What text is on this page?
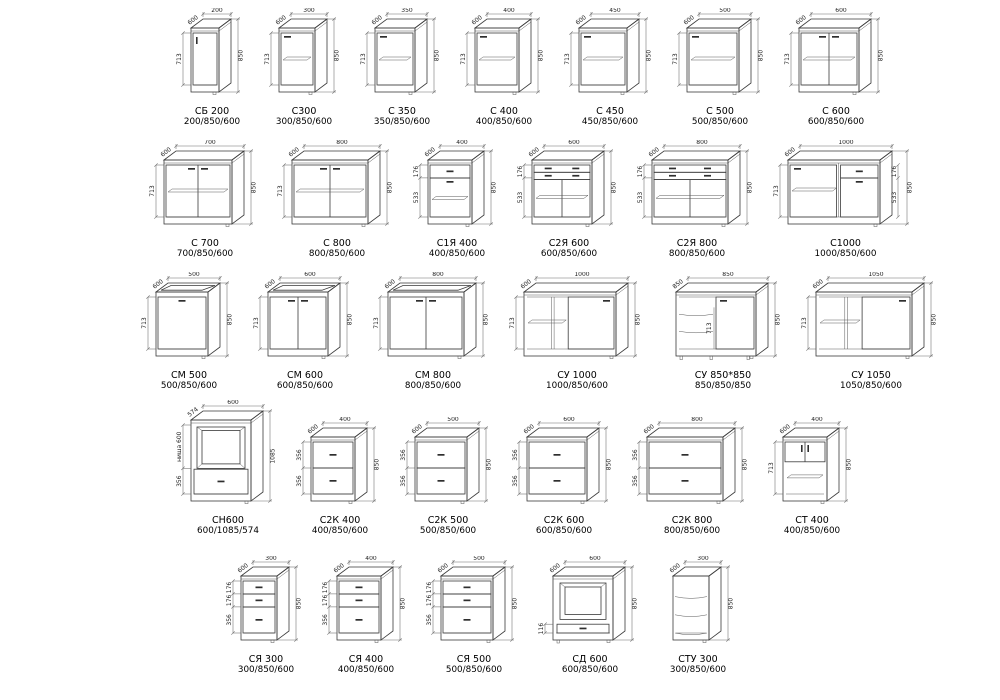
200
600
713	850
СБ 200
200/850/600
300
600
713	850
С300
300/850/600
350
600
713	850
С 350
350/850/600
400
600
713	850
С 400
400/850/600
450
600
713	850
С 450
450/850/600
500
600
713	850
С 500
500/850/600
600
600
713	850
С 600
600/850/600
700
600
713	850
С 700
700/850/600
800
600
713	850
С 800
800/850/600
400
600
176
533
850
С1Я 400
400/850/600
600
600
176
533
850
С2Я 600
600/850/600
800
600
176
533
850
С2Я 800
800/850/600
1000
600
713
176
533
850
С1000
1000/850/600
500
600
713	850
СМ 500
500/850/600
600
600
713	850
СМ 600
600/850/600
800
600
713	850
СМ 800
800/850/600
1000
600
713	850
СУ 1000
1000/850/600
713
850
850
850
СУ 850*850
850/850/850
1050
600
713	850
СУ 1050
1050/850/600
600
574
ниша 600
356
1085
СН600
600/1085/574
400
600
356
356
850
С2К 400
400/850/600
500
600
356
356
850
С2К 500
500/850/600
600
600
356
356
850
С2К 600
600/850/600
800
600
356
356
850
С2К 800
800/850/600
400
600
713	850
СТ 400
400/850/600
300
600
176
176
356
850
СЯ 300
300/850/600
400
600
176
176
356
850
СЯ 400
400/850/600
500
600
176
176
356
850
СЯ 500
500/850/600
600
600
116
850
СД 600
600/850/600
300
600
850
СТУ 300
300/850/600
